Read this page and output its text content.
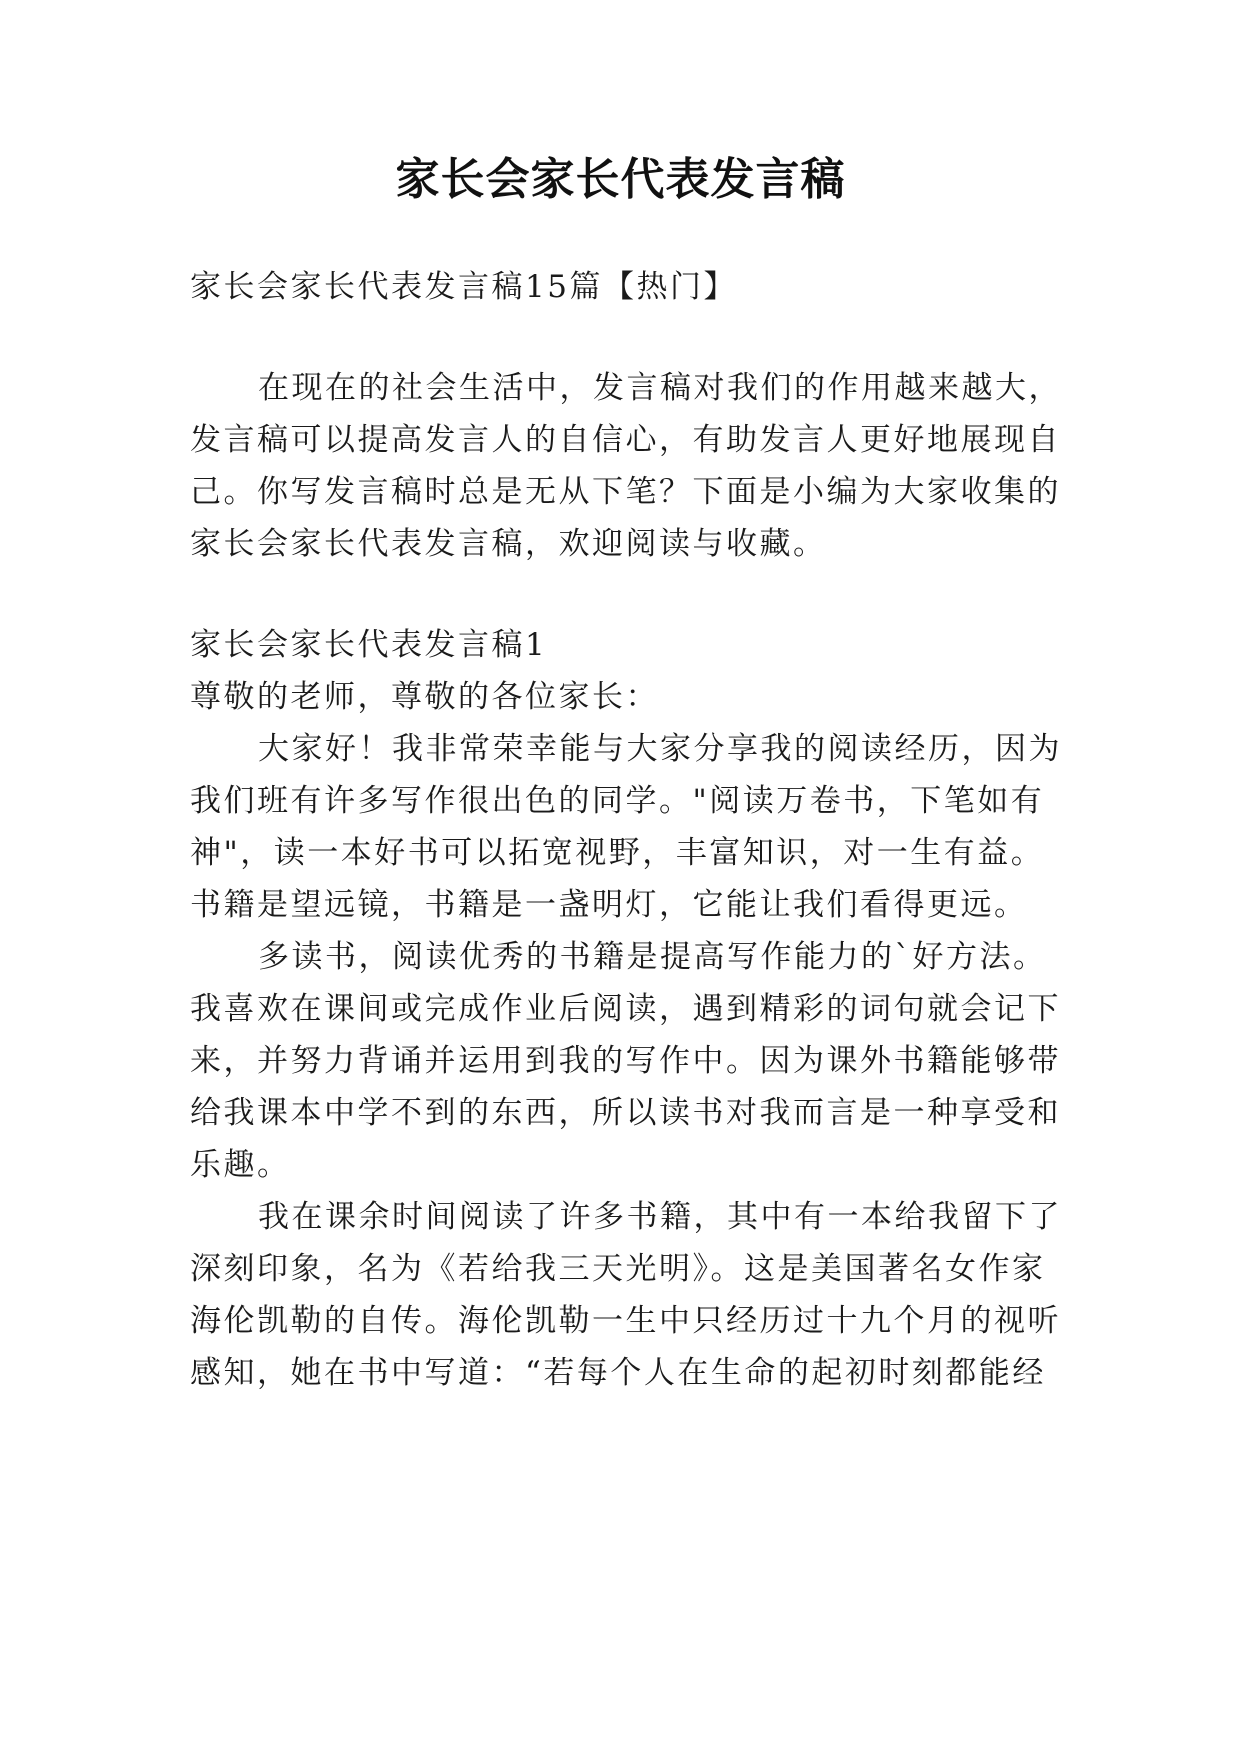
家长会家长代表发言稿
家长会家长代表发言稿15篇【热门】
在现在的社会生活中，发言稿对我们的作用越来越大，
发言稿可以提高发言人的自信心，有助发言人更好地展现自
己。你写发言稿时总是无从下笔？下面是小编为大家收集的
家长会家长代表发言稿，欢迎阅读与收藏。
家长会家长代表发言稿1
尊敬的老师，尊敬的各位家长：
大家好！我非常荣幸能与大家分享我的阅读经历，因为
我们班有许多写作很出色的同学。"阅读万卷书，下笔如有
神"，读一本好书可以拓宽视野，丰富知识，对一生有益。
书籍是望远镜，书籍是一盏明灯，它能让我们看得更远。
多读书，阅读优秀的书籍是提高写作能力的`好方法。
我喜欢在课间或完成作业后阅读，遇到精彩的词句就会记下
来，并努力背诵并运用到我的写作中。因为课外书籍能够带
给我课本中学不到的东西，所以读书对我而言是一种享受和
乐趣。
我在课余时间阅读了许多书籍，其中有一本给我留下了
深刻印象，名为《若给我三天光明》。这是美国著名女作家
海伦凯勒的自传。海伦凯勒一生中只经历过十九个月的视听
感知，她在书中写道：“若每个人在生命的起初时刻都能经
